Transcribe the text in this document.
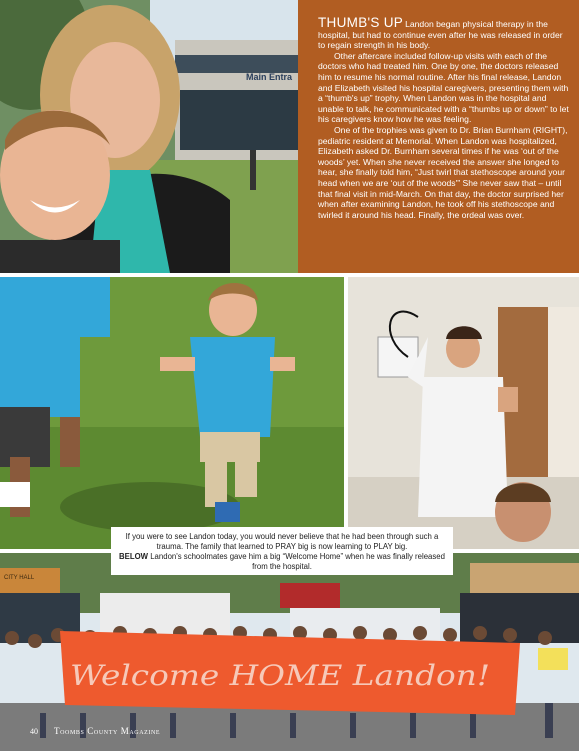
Main Entra

THUMB'S UP Landon began physical therapy in the hospital, but had to continue even after he was released in order to regain strength in his body.

Other aftercare included follow-up visits with each of the doctors who had treated him. One by one, the doctors released him to resume his normal routine. After his final release, Landon and Elizabeth visited his hospital caregivers, presenting them with a “thumb's up” trophy. When Landon was in the hospital and unable to talk, he communicated with a “thumbs up or down” to let his caregivers know how he was feeling.

One of the trophies was given to Dr. Brian Burnham (RIGHT), pediatric resident at Memorial. When Landon was hospitalized, Elizabeth asked Dr. Burnham several times if he was ‘out of the woods’ yet. When she never received the answer she longed to hear, she finally told him, “Just twirl that stethoscope around your head when we are ‘out of the woods'” She never saw that – until that final visit in mid-March. On that day, the doctor surprised her when after examining Landon, he took off his stethoscope and twirled it around his head. Finally, the ordeal was over.

CITY HALL
Welcome HOME Landon!
If you were to see Landon today, you would never believe that he had been through such a trauma. The family that learned to PRAY big is now learning to PLAY big.
BELOW Landon's schoolmates gave him a big “Welcome Home” when he was finally released from the hospital.
40 Toombs County Magazine
